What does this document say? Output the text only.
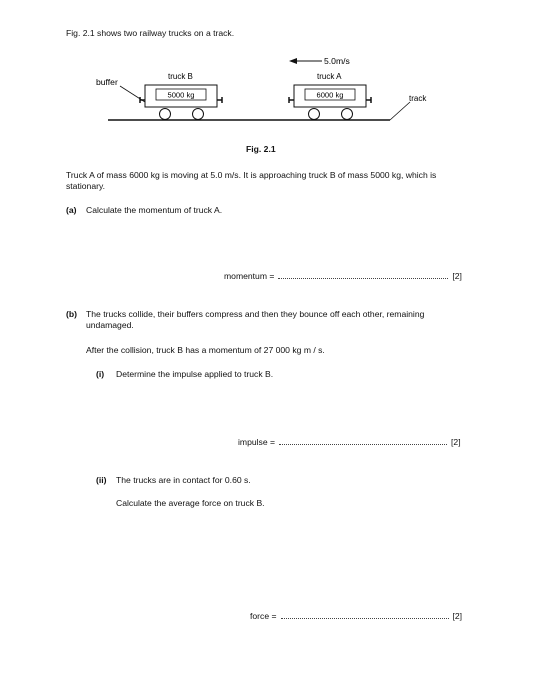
Fig. 2.1 shows two railway trucks on a track.
5.0m/s
buffer
truck B
5000 kg
truck A
6000 kg	track
Fig. 2.1
Truck A of mass 6000 kg is moving at 5.0 m/s. It is approaching truck B of mass 5000 kg, which is
stationary.
(a) Calculate the momentum of truck A.
momentum =	[2]
(b) The trucks collide, their buffers compress and then they bounce off each other, remaining
undamaged.
After the collision, truck B has a momentum of 27 000 kg m / s.
(i) Determine the impulse applied to truck B.
impulse =	[2]
(ii) The trucks are in contact for 0.60 s.
Calculate the average force on truck B.
force =	[2]
